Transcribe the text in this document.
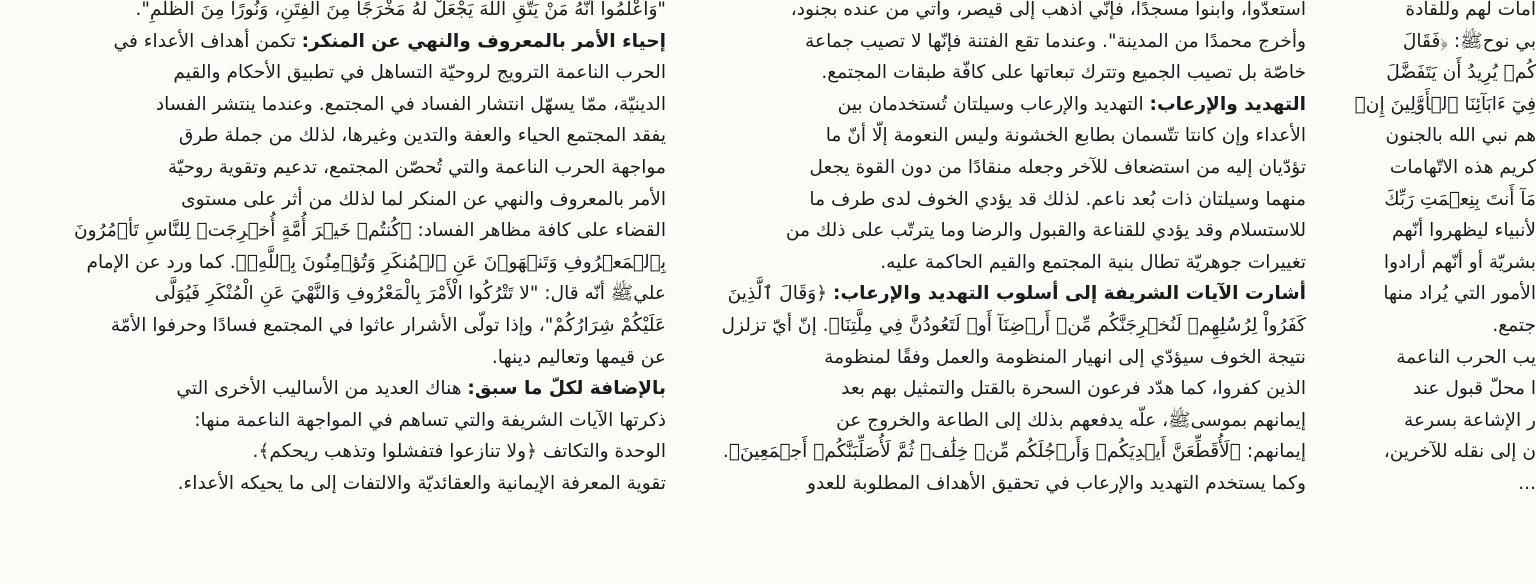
"وَاعْلَمُوا أَنَّهُ مَنْ يَتَّقِ اللَّهَ يَجْعَلْ لَهُ مَخْرَجًا مِنَ الْفِتَنِ، وَنُورًا مِنَ الظُّلَمِ".
إحياء الأمر بالمعروف والنهي عن المنكر: تكمن أهداف الأعداء في
الحرب الناعمة الترويج لروحيّة التساهل في تطبيق الأحكام والقيم
الدينيّة، ممّا يسهّل انتشار الفساد في المجتمع. وعندما ينتشر الفساد
يفقد المجتمع الحياء والعفة والتدين وغيرها، لذلك من جملة طرق
مواجهة الحرب الناعمة والتي تُحصّن المجتمع، تدعيم وتقوية روحيّة
الأمر بالمعروف والنهي عن المنكر لما لذلك من أثر على مستوى
القضاء على كافة مظاهر الفساد: ﴿كُنتُمۡ خَيۡرَ أُمَّةٍ أُخۡرِجَتۡ لِلنَّاسِ تَأۡمُرُونَ
بِٱلۡمَعۡرُوفِ وَتَنۡهَوۡنَ عَنِ ٱلۡمُنكَرِ وَتُؤۡمِنُونَ بِٱللَّهِۗ﴾. كما ورد عن الإمام
عليﷺ أنّه قال: "لا تَتْرُكُوا الْأَمْرَ بِالْمَعْرُوفِ وَالنَّهْيَ عَنِ الْمُنْكَرِ فَيُوَلَّى
عَلَيْكُمْ شِرَارُكُمْ"، وإذا تولّى الأشرار عاثوا في المجتمع فسادًا وحرفوا الأمّة
عن قيمها وتعاليم دينها.
بالإضافة لكلّ ما سبق: هناك العديد من الأساليب الأخرى التي
ذكرتها الآيات الشريفة والتي تساهم في المواجهة الناعمة منها:
الوحدة والتكاتف ﴿ولا تنازعوا فتفشلوا وتذهب ريحكم﴾.
تقوية المعرفة الإيمانية والعقائديّة والالتفات إلى ما يحيكه الأعداء.
استعدّوا، وابنوا مسجدًا، فإنّي أذهب إلى قيصر، وآتي من عنده بجنود،
وأخرج محمدًا من المدينة". وعندما تقع الفتنة فإنّها لا تصيب جماعة
خاصّة بل تصيب الجميع وتترك تبعاتها على كافّة طبقات المجتمع.
التهديد والإرعاب: التهديد والإرعاب وسيلتان تُستخدمان بين
الأعداء وإن كانتا تتّسمان بطابع الخشونة وليس النعومة إلّا أنّ ما
تؤدّيان إليه من استضعاف للآخر وجعله منقادًا من دون القوة يجعل
منهما وسيلتان ذات بُعد ناعم. لذلك قد يؤدي الخوف لدى طرف ما
للاستسلام وقد يؤدي للقناعة والقبول والرضا وما يترتّب على ذلك من
تغييرات جوهريّة تطال بنية المجتمع والقيم الحاكمة عليه.
أشارت الآيات الشريفة إلى أسلوب التهديد والإرعاب: ﴿وَقَالَ ٱلَّذِينَ
كَفَرُواْ لِرُسُلِهِمۡ لَنُخۡرِجَنَّكُم مِّنۡ أَرۡضِنَآ أَوۡ لَتَعُودُنَّ فِي مِلَّتِنَا﴾. إنّ أيّ تزلزل
نتيجة الخوف سيؤدّي إلى انهيار المنظومة والعمل وفقًا لمنظومة
الذين كفروا، كما هدّد فرعون السحرة بالقتل والتمثيل بهم بعد
إيمانهم بموسىﷺ، علّه يدفعهم بذلك إلى الطاعة والخروج عن
إيمانهم: ﴿لَأُقَطِّعَنَّ أَيۡدِيَكُمۡ وَأَرۡجُلَكُم مِّنۡ خِلَٰفٖ ثُمَّ لَأُصَلِّبَنَّكُمۡ أَجۡمَعِينَ﴾.
وكما يستخدم التهديد والإرعاب في تحقيق الأهداف المطلوبة للعدو
امات لهم وللقادة
بي نوحﷺ: ﴿فَقَالَ
كُمۡ يُرِيدُ أَن يَتَفَضَّلَ
فِيٓ ءَابَآئِنَا ٱلۡأَوَّلِينَ إِنۡ
هم نبي الله بالجنون
كريم هذه الاتّهامات
مَآ أَنتَ بِنِعۡمَتِ رَبِّكَ
لأنبياء ليظهروا أنّهم
بشريّة أو أنّهم أرادوا
الأمور التي يُراد منها
جتمع.
يب الحرب الناعمة
ا محلّ قبول عند
ر الإشاعة بسرعة
ن إلى نقله للآخرين،
...
